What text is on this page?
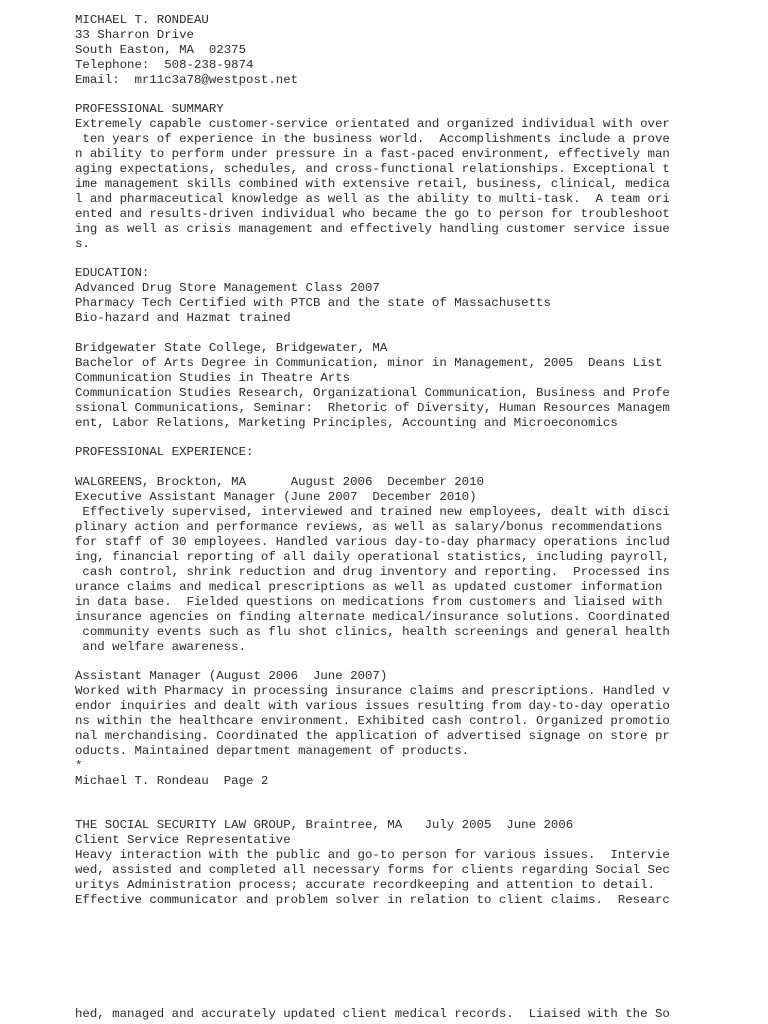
MICHAEL T. RONDEAU
33 Sharron Drive
South Easton, MA  02375
Telephone:  508-238-9874
Email:  mr11c3a78@westpost.net
PROFESSIONAL SUMMARY
Extremely capable customer-service orientated and organized individual with over
ten years of experience in the business world.  Accomplishments include a prove
n ability to perform under pressure in a fast-paced environment, effectively man
aging expectations, schedules, and cross-functional relationships. Exceptional t
ime management skills combined with extensive retail, business, clinical, medica
l and pharmaceutical knowledge as well as the ability to multi-task.  A team ori
ented and results-driven individual who became the go to person for troubleshoot
ing as well as crisis management and effectively handling customer service issue
s.
EDUCATION:
Advanced Drug Store Management Class 2007
Pharmacy Tech Certified with PTCB and the state of Massachusetts
Bio-hazard and Hazmat trained
Bridgewater State College, Bridgewater, MA
Bachelor of Arts Degree in Communication, minor in Management, 2005  Deans List
Communication Studies in Theatre Arts
Communication Studies Research, Organizational Communication, Business and Profe
ssional Communications, Seminar:  Rhetoric of Diversity, Human Resources Managem
ent, Labor Relations, Marketing Principles, Accounting and Microeconomics
PROFESSIONAL EXPERIENCE:
WALGREENS, Brockton, MA      August 2006  December 2010
Executive Assistant Manager (June 2007  December 2010)
Effectively supervised, interviewed and trained new employees, dealt with disci
plinary action and performance reviews, as well as salary/bonus recommendations
for staff of 30 employees. Handled various day-to-day pharmacy operations includ
ing, financial reporting of all daily operational statistics, including payroll,
cash control, shrink reduction and drug inventory and reporting.  Processed ins
urance claims and medical prescriptions as well as updated customer information
in data base.  Fielded questions on medications from customers and liaised with
insurance agencies on finding alternate medical/insurance solutions. Coordinated
community events such as flu shot clinics, health screenings and general health
and welfare awareness.
Assistant Manager (August 2006  June 2007)
Worked with Pharmacy in processing insurance claims and prescriptions. Handled v
endor inquiries and dealt with various issues resulting from day-to-day operatio
ns within the healthcare environment. Exhibited cash control. Organized promotio
nal merchandising. Coordinated the application of advertised signage on store pr
oducts. Maintained department management of products.
*
Michael T. Rondeau  Page 2
THE SOCIAL SECURITY LAW GROUP, Braintree, MA   July 2005  June 2006
Client Service Representative
Heavy interaction with the public and go-to person for various issues.  Intervie
wed, assisted and completed all necessary forms for clients regarding Social Sec
uritys Administration process; accurate recordkeeping and attention to detail.
Effective communicator and problem solver in relation to client claims.  Researc
hed, managed and accurately updated client medical records.  Liaised with the So
